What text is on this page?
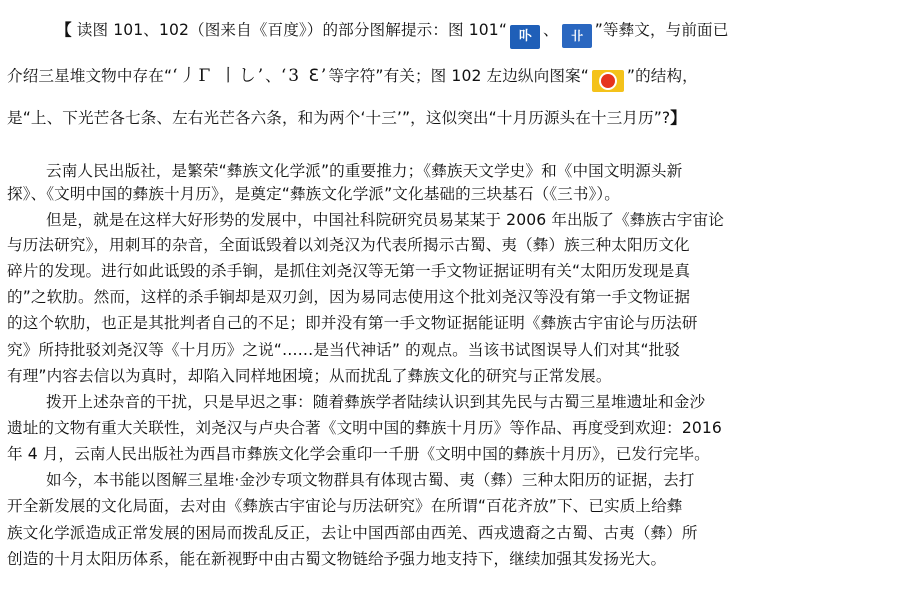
【 读图 101、102（图来自《百度》）的部分图解提示：图 101“ 卟 、 卝 ”等彝文，与前面已
介绍三星堆文物中存在“‘丿Γ 丨し’、‘3 ℇ’等字符”有关；图 102 左边纵向图案“ ”的结构，
是“上、下光芒各七条、左右光芒各六条，和为两个‘十三’”，这似突出“十月历源头在十三月历”?】
云南人民出版社，是繁荣“彝族文化学派”的重要推力；《彝族天文学史》和《中国文明源头新
探》、《文明中国的彝族十月历》，是奠定“彝族文化学派”文化基础的三块基石（《三书》）。
但是，就是在这样大好形势的发展中，中国社科院研究员易某某于 2006 年出版了《彝族古宇宙论
与历法研究》，用刺耳的杂音，全面诋毁着以刘尧汉为代表所揭示古蜀、夷（彝）族三种太阳历文化
碎片的发现。进行如此诋毁的杀手锏，是抓住刘尧汉等无第一手文物证据证明有关“太阳历发现是真
的”之软肋。然而，这样的杀手锏却是双刃剑，因为易同志使用这个批刘尧汉等没有第一手文物证据
的这个软肋，也正是其批判者自己的不足；即并没有第一手文物证据能证明《彝族古宇宙论与历法研
究》所持批驳刘尧汉等《十月历》之说“……是当代神话” 的观点。当该书试图误导人们对其“批驳
有理”内容去信以为真时，却陷入同样地困境；从而扰乱了彝族文化的研究与正常发展。
拨开上述杂音的干扰，只是早迟之事：随着彝族学者陆续认识到其先民与古蜀三星堆遗址和金沙
遗址的文物有重大关联性，刘尧汉与卢央合著《文明中国的彝族十月历》等作品、再度受到欢迎：2016
年 4 月，云南人民出版社为西昌市彝族文化学会重印一千册《文明中国的彝族十月历》，已发行完毕。
如今，本书能以图解三星堆·金沙专项文物群具有体现古蜀、夷（彝）三种太阳历的证据，去打
开全新发展的文化局面，去对由《彝族古宇宙论与历法研究》在所谓“百花齐放”下、已实质上给彝
族文化学派造成正常发展的困局而拨乱反正，去让中国西部由西羌、西戎遗裔之古蜀、古夷（彝）所
创造的十月太阳历体系，能在新视野中由古蜀文物链给予强力地支持下，继续加强其发扬光大。
